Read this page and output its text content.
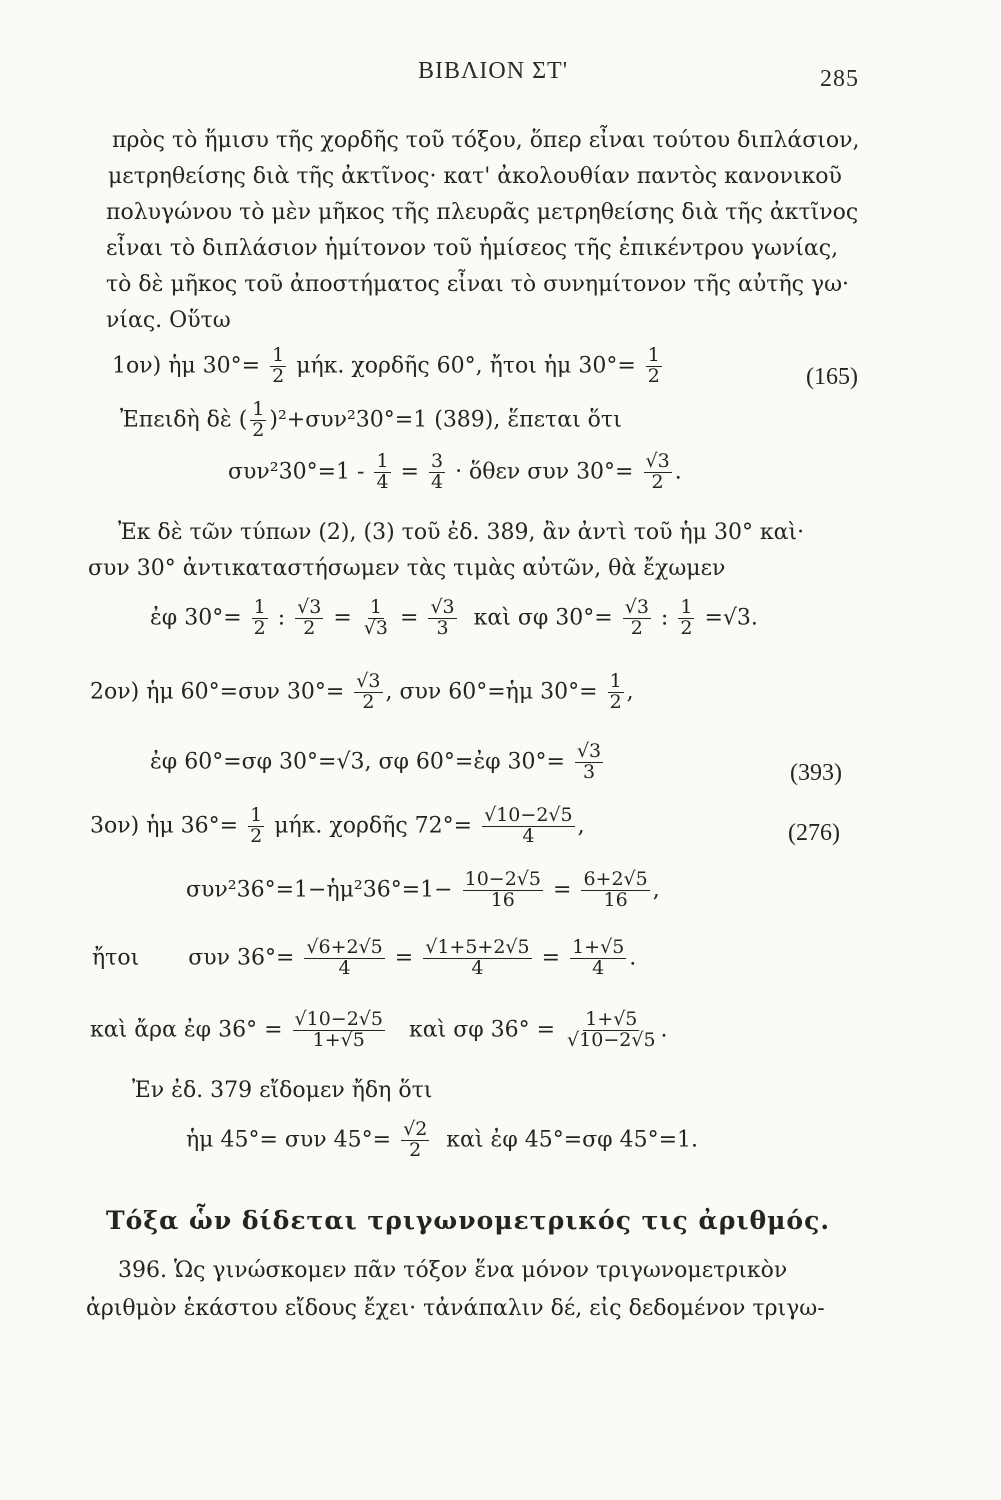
ΒΙΒΛΙΟΝ ΣΤ'	285
πρὸς τὸ ἥμισυ τῆς χορδῆς τοῦ τόξου, ὅπερ εἶναι τούτου διπλάσιον,
μετρηθείσης διὰ τῆς ἀκτῖνος· κατ' ἀκολουθίαν παντὸς κανονικοῦ
πολυγώνου τὸ μὲν μῆκος τῆς πλευρᾶς μετρηθείσης διὰ τῆς ἀκτῖνος
εἶναι τὸ διπλάσιον ἡμίτονον τοῦ ἡμίσεος τῆς ἐπικέντρου γωνίας,
τὸ δὲ μῆκος τοῦ ἀποστήματος εἶναι τὸ συνημίτονον τῆς αὐτῆς γω·
νίας. Οὕτω
1ον) ἡμ $30^\circ= \frac{1}{2} \mu ή\kappa$. χορδῆς 60°, ἤτοι ἡμ $30^\circ= \frac{1}{2}$	(165)
Ἐπειδὴ δὲ ( $\frac{1}{2} )^2+\sigma\upsilon\nu^230^\circ=1$ (389), ἕπεται ὅτι
$\sigma\upsilon\nu^230^\circ=1 - \frac{1}{4} = \frac{3}{4}$ · ὅθεν συν $30^\circ= \frac{√3}{2}$ .
Ἐκ δὲ τῶν τύπων (2), (3) τοῦ ἐδ. 389, ἂν ἀντὶ τοῦ ἡμ 30° καὶ·
συν 30° ἀντικαταστήσωμεν τὰς τιμὰς αὐτῶν, θὰ ἔχωμεν
ἐφ $30^\circ= \frac{1}{2}$ : $\frac{√3}{2} = \frac{1}{√3} = \frac{√3}{3}$ καὶ σφ $30^\circ= \frac{√3}{2}$ : $\frac{1}{2} =√3$.
2ον) ἡμ 60°=συν $30^\circ= \frac{√3}{2}$ , συν 60°=ἡμ $30^\circ= \frac{1}{2}$ ,
ἐφ 60°=σφ 30°=√3, σφ 60°=ἐφ $30^\circ= \frac{√3}{3}$	(393)
3ον) ἡμ $36^\circ= \frac{1}{2} \mu ή\kappa$. χορδῆς $72^\circ= \frac{√10-2√5}{4}$ ,	(276)
συν²36°=1−ἡμ²36°=1− $\frac{10-2√5}{16} = \frac{6+2√5}{16}$ ,
ἤτοι συν $36^\circ= \frac{√6+2√5}{4} = \frac{√1+5+2√5}{4} = \frac{1+√5}{4}$ .
καὶ ἄρα ἐφ $36^\circ = \frac{√10-2√5}{1+√5}$ καὶ σφ $36^\circ = \frac{1+√5}{√10-2√5}$ .
Ἐν ἐδ. 379 εἴδομεν ἤδη ὅτι
ἡμ 45°= συν $45^\circ= \frac{√2}{2}$ καὶ ἐφ 45°=σφ 45°=1.
Τόξα ὧν δίδεται τριγωνομετρικός τις ἀριθμός.
396. Ὡς γινώσκομεν πᾶν τόξον ἕνα μόνον τριγωνομετρικὸν
ἀριθμὸν ἑκάστου εἴδους ἔχει· τἀνάπαλιν δέ, εἰς δεδομένον τριγω-
